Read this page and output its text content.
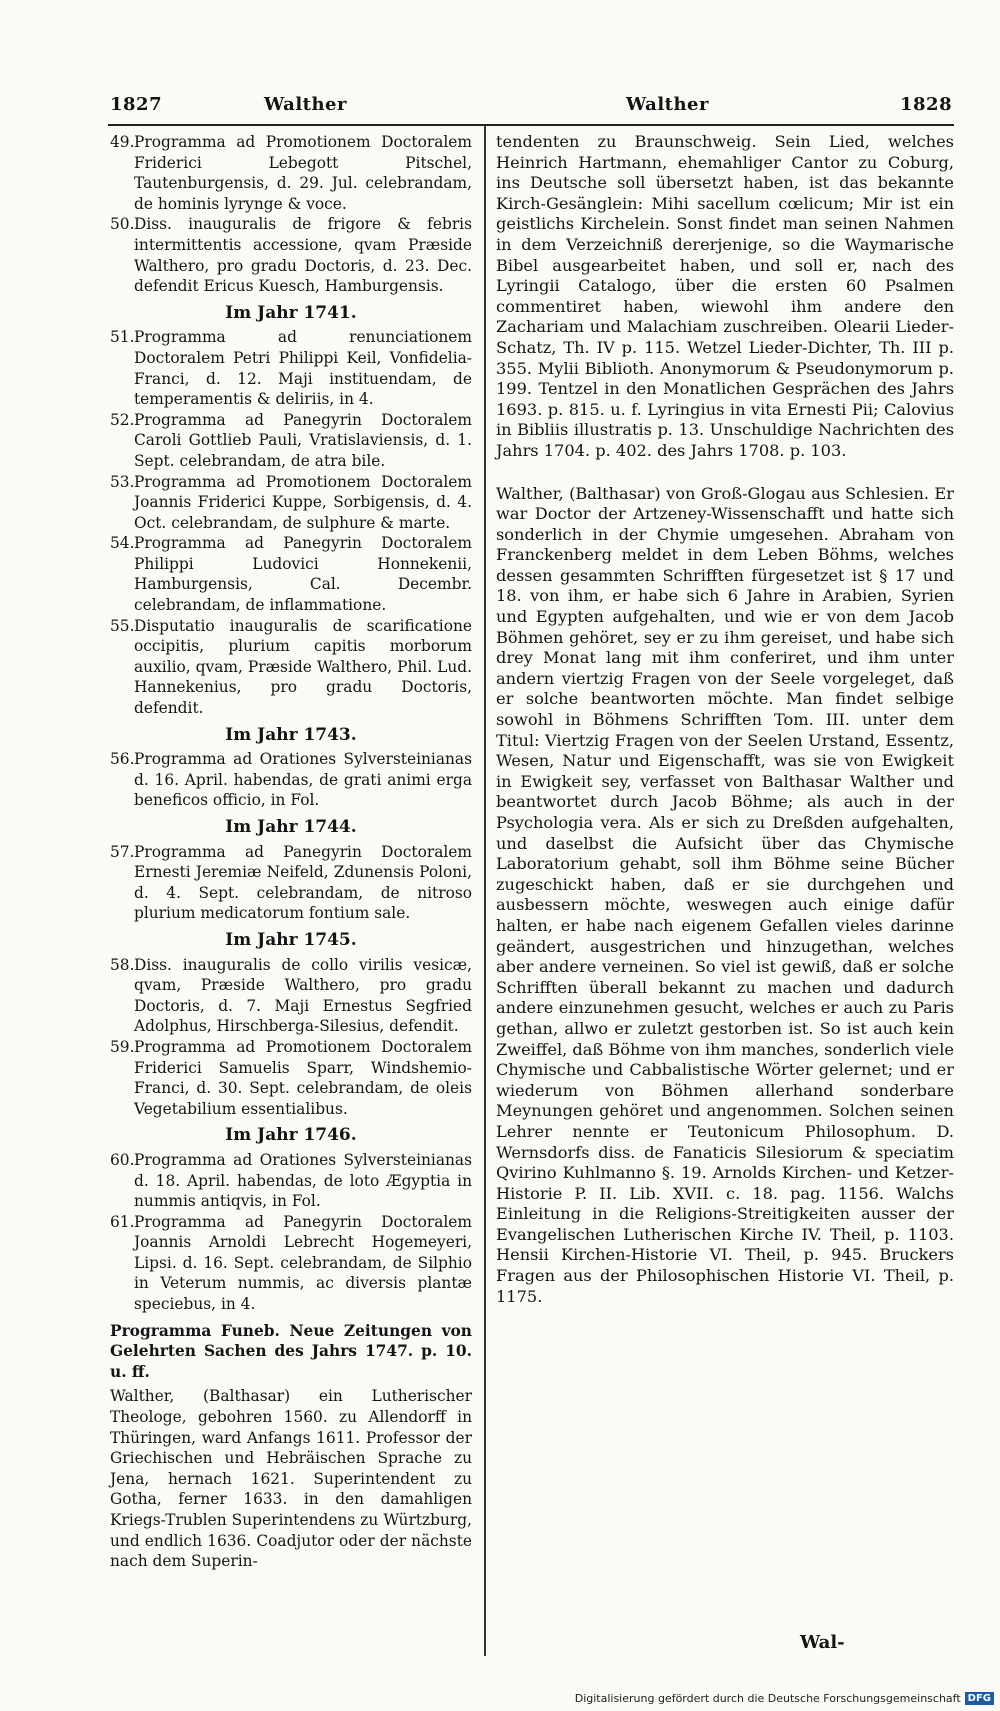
1827	Walther	Walther	1828

49.Programma ad Promotionem Doctoralem Friderici Lebegott Pitschel, Tautenburgensis, d. 29. Jul. celebrandam, de hominis lyrynge & voce.

50.Diss. inauguralis de frigore & febris intermittentis accessione, qvam Præside Walthero, pro gradu Doctoris, d. 23. Dec. defendit Ericus Kuesch, Hamburgensis.

Im Jahr 1741.

51.Programma ad renunciationem Doctoralem Petri Philippi Keil, Vonfidelia-Franci, d. 12. Maji instituendam, de temperamentis & deliriis, in 4.

52.Programma ad Panegyrin Doctoralem Caroli Gottlieb Pauli, Vratislaviensis, d. 1. Sept. celebrandam, de atra bile.

53.Programma ad Promotionem Doctoralem Joannis Friderici Kuppe, Sorbigensis, d. 4. Oct. celebrandam, de sulphure & marte.

54.Programma ad Panegyrin Doctoralem Philippi Ludovici Honnekenii, Hamburgensis, Cal. Decembr. celebrandam, de inflammatione.

55.Disputatio inauguralis de scarificatione occipitis, plurium capitis morborum auxilio, qvam, Præside Walthero, Phil. Lud. Hannekenius, pro gradu Doctoris, defendit.

Im Jahr 1743.

56.Programma ad Orationes Sylversteinianas d. 16. April. habendas, de grati animi erga beneficos officio, in Fol.

Im Jahr 1744.

57.Programma ad Panegyrin Doctoralem Ernesti Jeremiæ Neifeld, Zdunensis Poloni, d. 4. Sept. celebrandam, de nitroso plurium medicatorum fontium sale.

Im Jahr 1745.

58.Diss. inauguralis de collo virilis vesicæ, qvam, Præside Walthero, pro gradu Doctoris, d. 7. Maji Ernestus Segfried Adolphus, Hirschberga-Silesius, defendit.

59.Programma ad Promotionem Doctoralem Friderici Samuelis Sparr, Windshemio-Franci, d. 30. Sept. celebrandam, de oleis Vegetabilium essentialibus.

Im Jahr 1746.

60.Programma ad Orationes Sylversteinianas d. 18. April. habendas, de loto Ægyptia in nummis antiqvis, in Fol.

61.Programma ad Panegyrin Doctoralem Joannis Arnoldi Lebrecht Hogemeyeri, Lipsi. d. 16. Sept. celebrandam, de Silphio in Veterum nummis, ac diversis plantæ speciebus, in 4.

Programma Funeb. Neue Zeitungen von Gelehrten Sachen des Jahrs 1747. p. 10. u. ff.

Walther, (Balthasar) ein Lutherischer Theologe, gebohren 1560. zu Allendorff in Thüringen, ward Anfangs 1611. Professor der Griechischen und Hebräischen Sprache zu Jena, hernach 1621. Superintendent zu Gotha, ferner 1633. in den damahligen Kriegs-Trublen Superintendens zu Würtzburg, und endlich 1636. Coadjutor oder der nächste nach dem Superin-

tendenten zu Braunschweig. Sein Lied, welches Heinrich Hartmann, ehemahliger Cantor zu Coburg, ins Deutsche soll übersetzt haben, ist das bekannte Kirch-Gesänglein: Mihi sacellum cœlicum; Mir ist ein geistlichs Kirchelein. Sonst findet man seinen Nahmen in dem Verzeichniß dererjenige, so die Waymarische Bibel ausgearbeitet haben, und soll er, nach des Lyringii Catalogo, über die ersten 60 Psalmen commentiret haben, wiewohl ihm andere den Zachariam und Malachiam zuschreiben. Olearii Lieder-Schatz, Th. IV p. 115. Wetzel Lieder-Dichter, Th. III p. 355. Mylii Biblioth. Anonymorum & Pseudonymorum p. 199. Tentzel in den Monatlichen Gesprächen des Jahrs 1693. p. 815. u. f. Lyringius in vita Ernesti Pii; Calovius in Bibliis illustratis p. 13. Unschuldige Nachrichten des Jahrs 1704. p. 402. des Jahrs 1708. p. 103.

Walther, (Balthasar) von Groß-Glogau aus Schlesien. Er war Doctor der Artzeney-Wissenschafft und hatte sich sonderlich in der Chymie umgesehen. Abraham von Franckenberg meldet in dem Leben Böhms, welches dessen gesammten Schrifften fürgesetzet ist § 17 und 18. von ihm, er habe sich 6 Jahre in Arabien, Syrien und Egypten aufgehalten, und wie er von dem Jacob Böhmen gehöret, sey er zu ihm gereiset, und habe sich drey Monat lang mit ihm conferiret, und ihm unter andern viertzig Fragen von der Seele vorgeleget, daß er solche beantworten möchte. Man findet selbige sowohl in Böhmens Schrifften Tom. III. unter dem Titul: Viertzig Fragen von der Seelen Urstand, Essentz, Wesen, Natur und Eigenschafft, was sie von Ewigkeit in Ewigkeit sey, verfasset von Balthasar Walther und beantwortet durch Jacob Böhme; als auch in der Psychologia vera. Als er sich zu Dreßden aufgehalten, und daselbst die Aufsicht über das Chymische Laboratorium gehabt, soll ihm Böhme seine Bücher zugeschickt haben, daß er sie durchgehen und ausbessern möchte, weswegen auch einige dafür halten, er habe nach eigenem Gefallen vieles darinne geändert, ausgestrichen und hinzugethan, welches aber andere verneinen. So viel ist gewiß, daß er solche Schrifften überall bekannt zu machen und dadurch andere einzunehmen gesucht, welches er auch zu Paris gethan, allwo er zuletzt gestorben ist. So ist auch kein Zweiffel, daß Böhme von ihm manches, sonderlich viele Chymische und Cabbalistische Wörter gelernet; und er wiederum von Böhmen allerhand sonderbare Meynungen gehöret und angenommen. Solchen seinen Lehrer nennte er Teutonicum Philosophum. D. Wernsdorfs diss. de Fanaticis Silesiorum & speciatim Qvirino Kuhlmanno §. 19. Arnolds Kirchen- und Ketzer-Historie P. II. Lib. XVII. c. 18. pag. 1156. Walchs Einleitung in die Religions-Streitigkeiten ausser der Evangelischen Lutherischen Kirche IV. Theil, p. 1103. Hensii Kirchen-Historie VI. Theil, p. 945. Bruckers Fragen aus der Philosophischen Historie VI. Theil, p. 1175.

Wal-
Digitalisierung gefördert durch die Deutsche Forschungsgemeinschaft DFG
